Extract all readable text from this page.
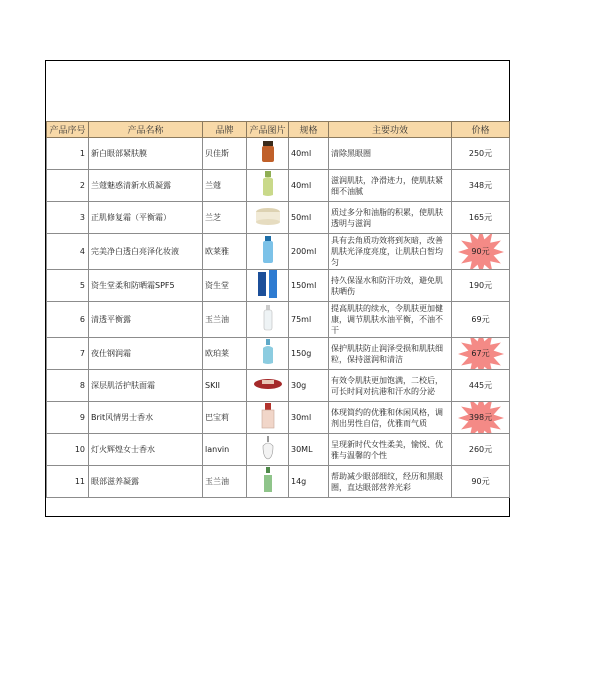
产品序号	产品名称	品牌	产品图片	规格	主要功效	价格
1	新白眼部紧肤膜	贝佳斯		40ml	清除黑眼圈	250元
2	兰蔻魅惑清新水质凝露	兰蔻		40ml	滋润肌肤，净滑迹力，使肌肤紧细不油腻	348元
3	正肌修复霜（平衡霜）	兰芝		50ml	质过多分和油脂的积累，使肌肤透明与滋润	165元
4	完美净白透白亮泽化妆液	欧莱雅		200ml	具有去角质功效将到灰暗，改善肌肤光泽度亮度，让肌肤白皙均匀	90元
5	资生堂柔和防晒霜SPF5	资生堂		150ml	持久保湿水和防汗功效，避免肌肤晒伤	190元
6	清透平衡露	玉兰油		75ml	提高肌肤的续水，令肌肤更加健康，调节肌肤水油平衡，不油不干	69元
7	夜仕钢润霜	欧珀莱		150g	保护肌肤防止润泽受损和肌肤细粒，保持滋润和清洁	67元
8	深层肌活护肤面霜	SKII		30g	有效令肌肤更加饱满，二校后，可长时间对抗港和汗水的分泌	445元
9	Brit风情男士香水	巴宝莉		30ml	体现简约的优雅和休闲风格，调剂出男性自信，优雅而气质	398元
10	灯火辉煌女士香水	lanvin		30ML	呈现新时代女性柔美，愉悦、优雅与温馨的个性	260元
11	眼部滋养凝露	玉兰油		14g	帮助减少眼部细纹，经历和黑眼圈，直达眼部营养光彩	90元
